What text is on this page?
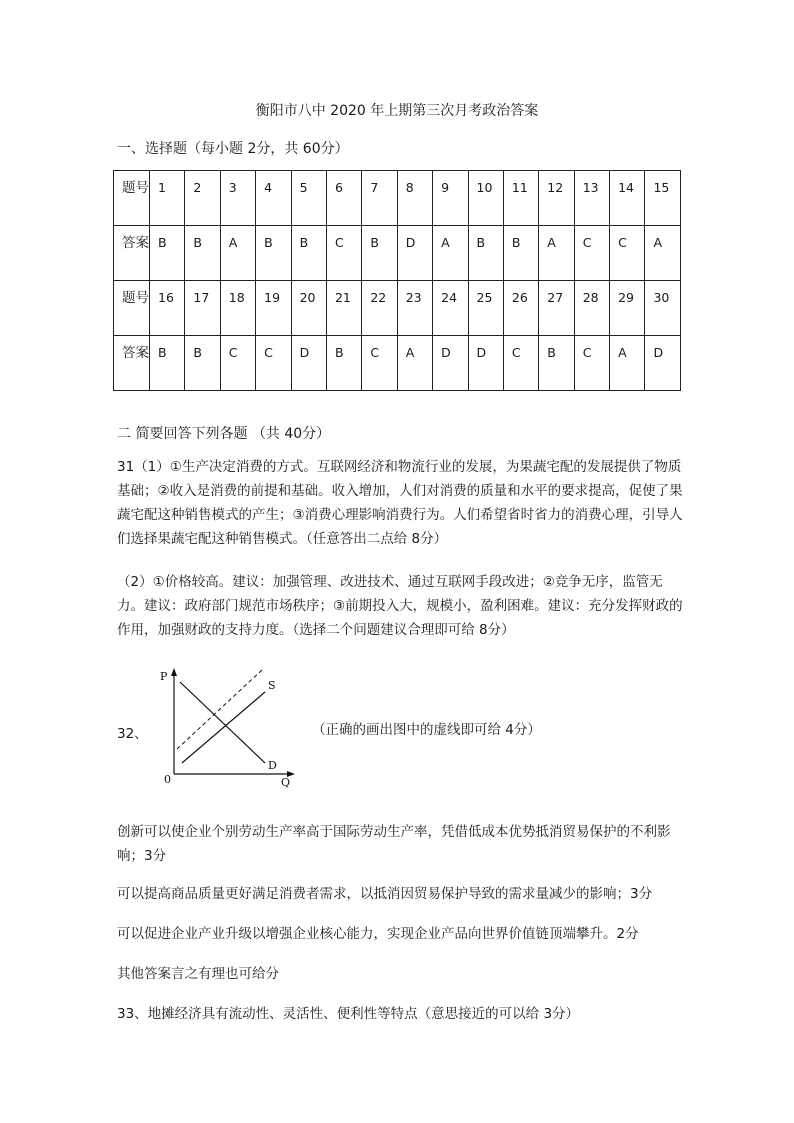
衡阳市八中 2020 年上期第三次月考政治答案
一、选择题（每小题 2分，共 60分）
题号	1	2	3	4	5	6	7	8	9	10	11	12	13	14	15
答案	B	B	A	B	B	C	B	D	A	B	B	A	C	C	A
题号	16	17	18	19	20	21	22	23	24	25	26	27	28	29	30
答案	B	B	C	C	D	B	C	A	D	D	C	B	C	A	D
二 简要回答下列各题 （共 40分）
31（1）①生产决定消费的方式。互联网经济和物流行业的发展，为果蔬宅配的发展提供了物质基础；②收入是消费的前提和基础。收入增加，人们对消费的质量和水平的要求提高，促使了果蔬宅配这种销售模式的产生；③消费心理影响消费行为。人们希望省时省力的消费心理，引导人们选择果蔬宅配这种销售模式。（任意答出二点给 8分）
（2）①价格较高。建议：加强管理、改进技术、通过互联网手段改进；②竞争无序，监管无力。建议：政府部门规范市场秩序；③前期投入大，规模小，盈利困难。建议：充分发挥财政的作用，加强财政的支持力度。（选择二个问题建议合理即可给 8分）
P
S
D
0	Q
32、	（正确的画出图中的虚线即可给 4分）
创新可以使企业个别劳动生产率高于国际劳动生产率，凭借低成本优势抵消贸易保护的不利影响；3分
可以提高商品质量更好满足消费者需求，以抵消因贸易保护导致的需求量减少的影响；3分
可以促进企业产业升级以增强企业核心能力，实现企业产品向世界价值链顶端攀升。2分
其他答案言之有理也可给分
33、地摊经济具有流动性、灵活性、便利性等特点（意思接近的可以给 3分）
